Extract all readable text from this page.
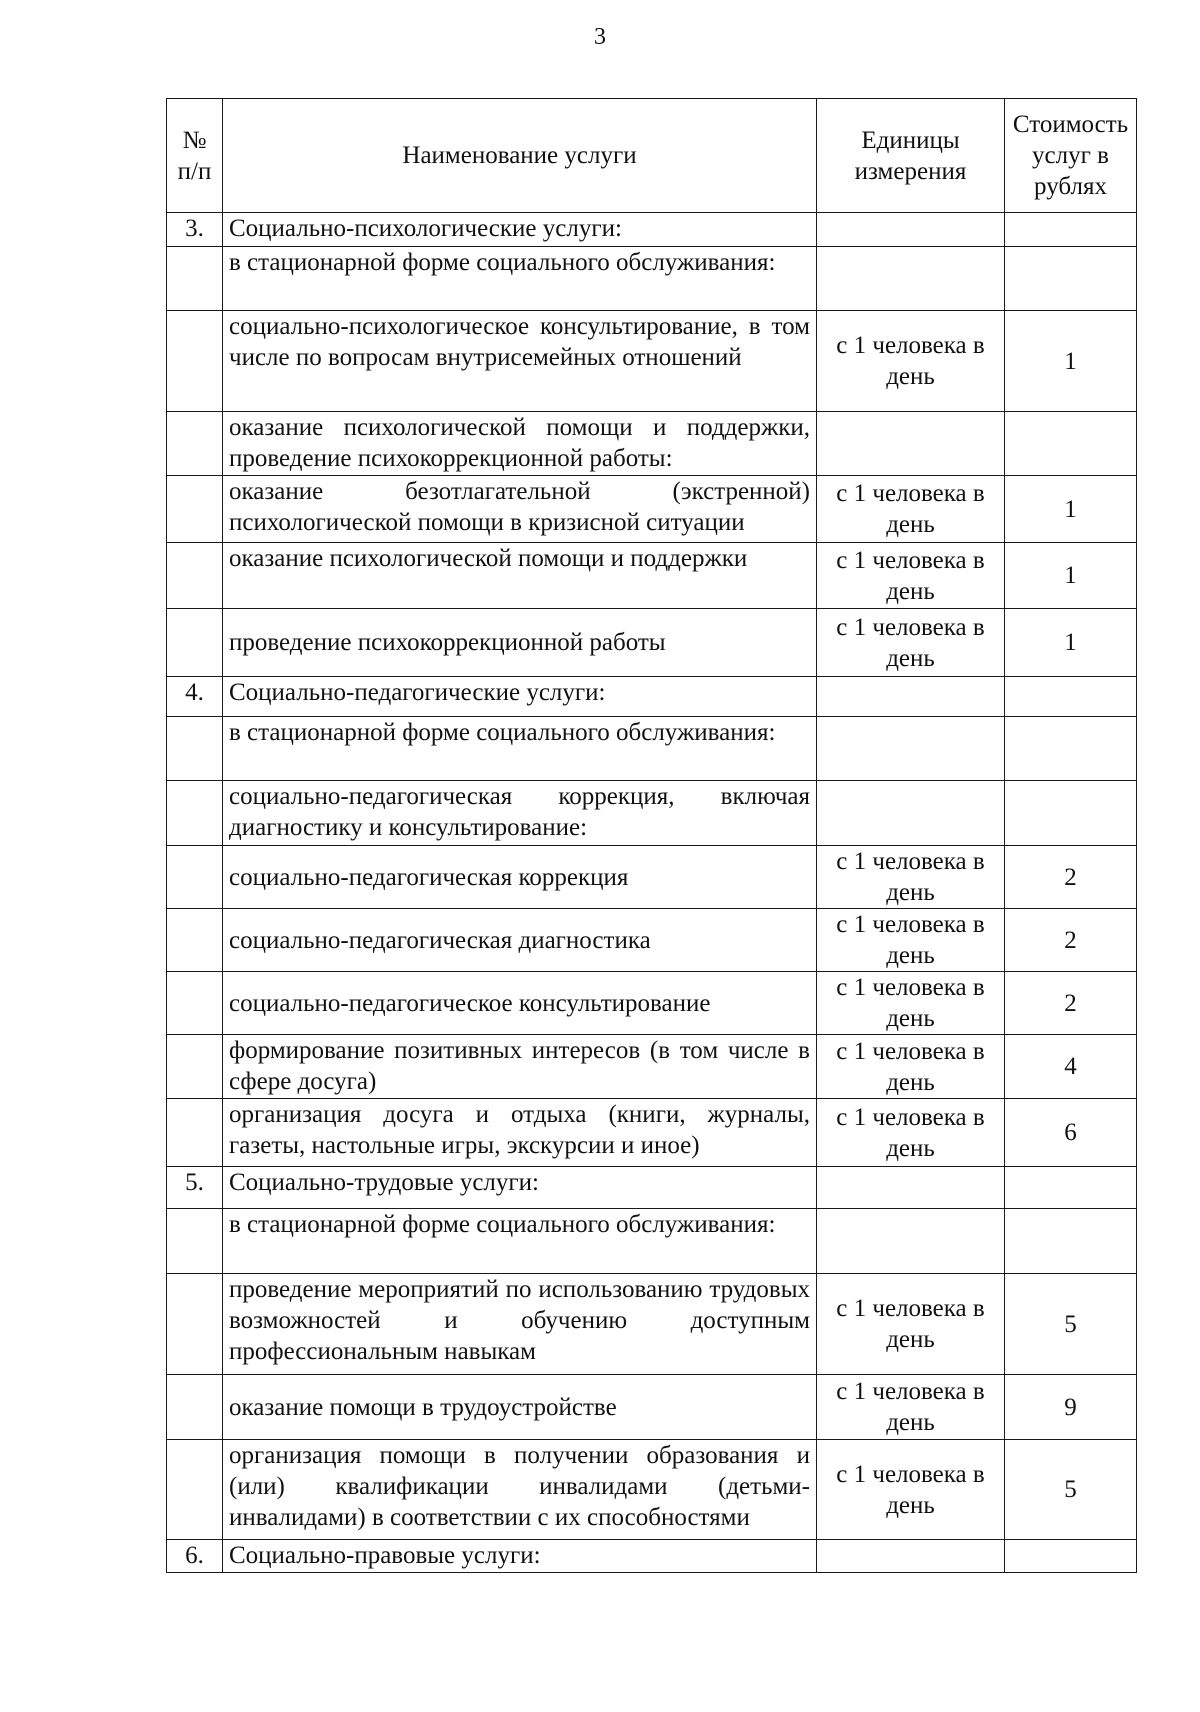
3
№ п/п	Наименование услуги	Единицы измерения	Стоимость услуг в рублях
3.	Социально-психологические услуги:		
	в стационарной форме социального обслуживания:		
	социально-психологическое консультирование, в том числе по вопросам внутрисемейных отношений	с 1 человека в день	1
	оказание психологической помощи и поддержки, проведение психокоррекционной работы:		
	оказание безотлагательной (экстренной) психологической помощи в кризисной ситуации	с 1 человека в день	1
	оказание психологической помощи и поддержки	с 1 человека в день	1
	проведение психокоррекционной работы	с 1 человека в день	1
4.	Социально-педагогические услуги:		
	в стационарной форме социального обслуживания:		
	социально-педагогическая коррекция, включая диагностику и консультирование:		
	социально-педагогическая коррекция	с 1 человека в день	2
	социально-педагогическая диагностика	с 1 человека в день	2
	социально-педагогическое консультирование	с 1 человека в день	2
	формирование позитивных интересов (в том числе в сфере досуга)	с 1 человека в день	4
	организация досуга и отдыха (книги, журналы, газеты, настольные игры, экскурсии и иное)	с 1 человека в день	6
5.	Социально-трудовые услуги:		
	в стационарной форме социального обслуживания:		
	проведение мероприятий по использованию трудовых возможностей и обучению доступным профессиональным навыкам	с 1 человека в день	5
	оказание помощи в трудоустройстве	с 1 человека в день	9
	организация помощи в получении образования и (или) квалификации инвалидами (детьми-инвалидами) в соответствии с их способностями	с 1 человека в день	5
6.	Социально-правовые услуги:		
